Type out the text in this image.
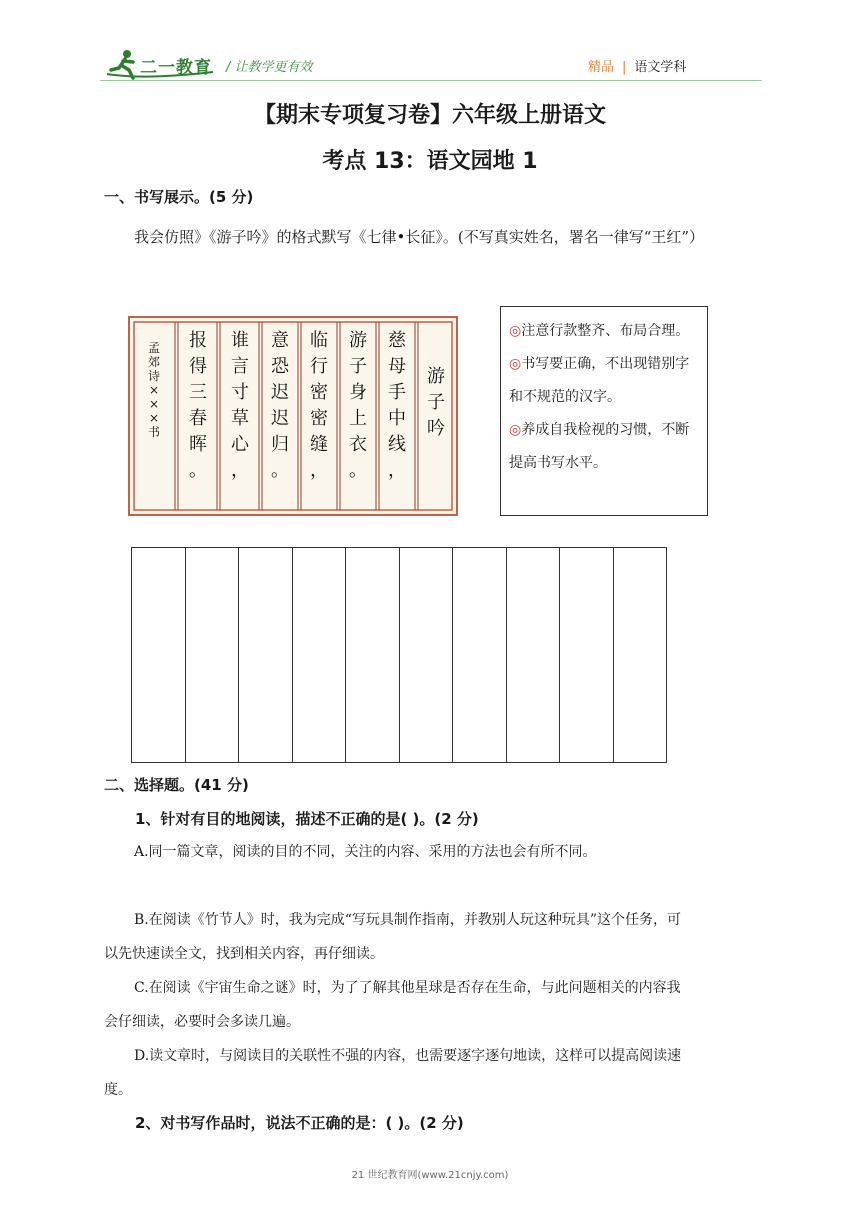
二一教育 / 让教学更有效	精品 | 语文学科
【期末专项复习卷】六年级上册语文
考点 13：语文园地 1
一、书写展示。(5 分)
我会仿照》《游子吟》的格式默写《七律•长征》。(不写真实姓名，署名一律写“王红”）
孟郊诗× × ×书
报得三春晖。
谁言寸草心，
意恐迟迟归。
临行密密缝，
游子身上衣。
慈母手中线，
游子吟
◎注意行款整齐、布局合理。
◎书写要正确，不出现错别字和不规范的汉字。
◎养成自我检视的习惯，不断提高书写水平。
二、选择题。(41 分)
1、针对有目的地阅读，描述不正确的是( )。(2 分)
A.同一篇文章，阅读的目的不同，关注的内容、采用的方法也会有所不同。
B.在阅读《竹节人》时，我为完成“写玩具制作指南，并教别人玩这种玩具”这个任务，可以先快速读全文，找到相关内容，再仔细读。
C.在阅读《宇宙生命之谜》时，为了了解其他星球是否存在生命，与此问题相关的内容我会仔细读，必要时会多读几遍。
D.读文章时，与阅读目的关联性不强的内容，也需要逐字逐句地读，这样可以提高阅读速度。
2、对书写作品时，说法不正确的是：( )。(2 分)
21 世纪教育网(www.21cnjy.com)
